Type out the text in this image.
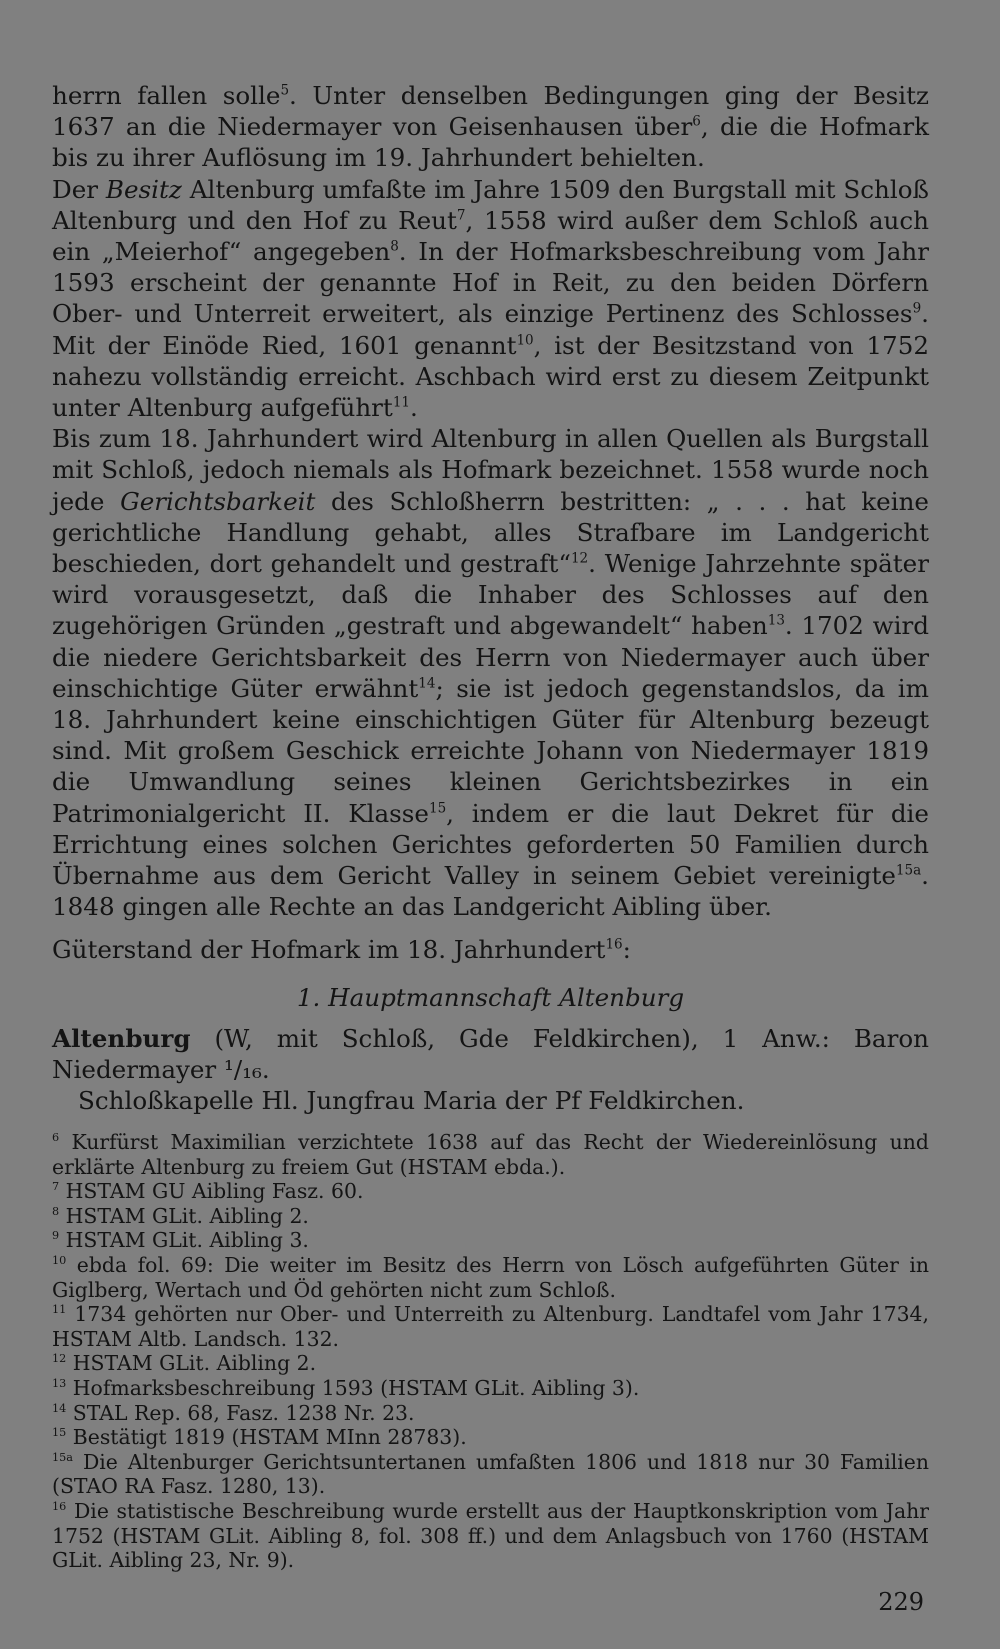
herrn fallen solle$^5$. Unter denselben Bedingungen ging der Besitz 1637 an die Niedermayer von Geisenhausen über$^6$, die die Hofmark bis zu ihrer Auflösung im 19. Jahrhundert behielten.

Der Besitz Altenburg umfaßte im Jahre 1509 den Burgstall mit Schloß Altenburg und den Hof zu Reut$^7$, 1558 wird außer dem Schloß auch ein „Meierhof“ angegeben$^8$. In der Hofmarksbeschreibung vom Jahr 1593 erscheint der genannte Hof in Reit, zu den beiden Dörfern Ober- und Unterreit erweitert, als einzige Pertinenz des Schlosses$^9$. Mit der Einöde Ried, 1601 genannt$^{10}$, ist der Besitzstand von 1752 nahezu vollständig erreicht. Aschbach wird erst zu diesem Zeitpunkt unter Altenburg aufgeführt$^{11}$.

Bis zum 18. Jahrhundert wird Altenburg in allen Quellen als Burgstall mit Schloß, jedoch niemals als Hofmark bezeichnet. 1558 wurde noch jede Gerichtsbarkeit des Schloßherrn bestritten: „ . . . hat keine gerichtliche Handlung gehabt, alles Strafbare im Landgericht beschieden, dort gehandelt und gestraft“$^{12}$. Wenige Jahrzehnte später wird vorausgesetzt, daß die Inhaber des Schlosses auf den zugehörigen Gründen „gestraft und abgewandelt“ haben$^{13}$. 1702 wird die niedere Gerichtsbarkeit des Herrn von Niedermayer auch über einschichtige Güter erwähnt$^{14}$; sie ist jedoch gegenstandslos, da im 18. Jahrhundert keine einschichtigen Güter für Altenburg bezeugt sind. Mit großem Geschick erreichte Johann von Niedermayer 1819 die Umwandlung seines kleinen Gerichtsbezirkes in ein Patrimonialgericht II. Klasse$^{15}$, indem er die laut Dekret für die Errichtung eines solchen Gerichtes geforderten 50 Familien durch Übernahme aus dem Gericht Valley in seinem Gebiet vereinigte$^{15a}$. 1848 gingen alle Rechte an das Landgericht Aibling über.

Güterstand der Hofmark im 18. Jahrhundert$^{16}$:

1. Hauptmannschaft Altenburg

Altenburg (W, mit Schloß, Gde Feldkirchen), 1 Anw.: Baron Niedermayer ¹/₁₆.
Schloßkapelle Hl. Jungfrau Maria der Pf Feldkirchen.

$^6$ Kurfürst Maximilian verzichtete 1638 auf das Recht der Wiedereinlösung und erklärte Altenburg zu freiem Gut (HSTAM ebda.).

$^7$ HSTAM GU Aibling Fasz. 60.

$^8$ HSTAM GLit. Aibling 2.

$^9$ HSTAM GLit. Aibling 3.

$^{10}$ ebda fol. 69: Die weiter im Besitz des Herrn von Lösch aufgeführten Güter in Giglberg, Wertach und Öd gehörten nicht zum Schloß.

$^{11}$ 1734 gehörten nur Ober- und Unterreith zu Altenburg. Landtafel vom Jahr 1734, HSTAM Altb. Landsch. 132.

$^{12}$ HSTAM GLit. Aibling 2.

$^{13}$ Hofmarksbeschreibung 1593 (HSTAM GLit. Aibling 3).

$^{14}$ STAL Rep. 68, Fasz. 1238 Nr. 23.

$^{15}$ Bestätigt 1819 (HSTAM MInn 28783).

$^{15a}$ Die Altenburger Gerichtsuntertanen umfaßten 1806 und 1818 nur 30 Familien (STAO RA Fasz. 1280, 13).

$^{16}$ Die statistische Beschreibung wurde erstellt aus der Hauptkonskription vom Jahr 1752 (HSTAM GLit. Aibling 8, fol. 308 ff.) und dem Anlagsbuch von 1760 (HSTAM GLit. Aibling 23, Nr. 9).

229
